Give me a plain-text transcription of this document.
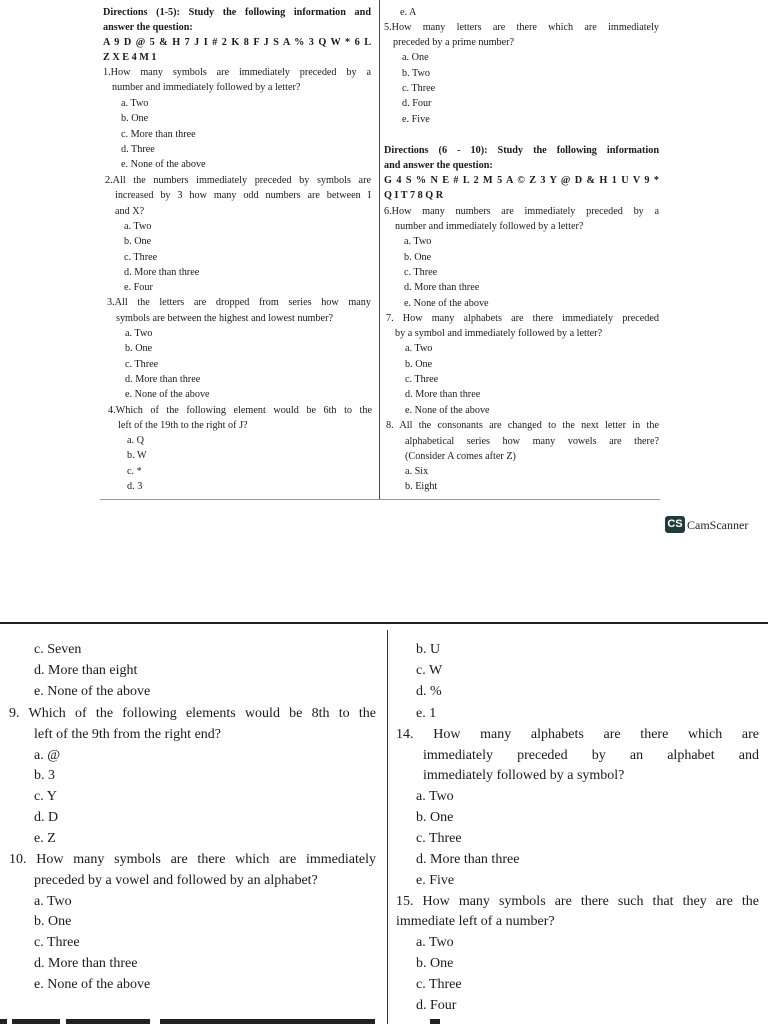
Directions (1-5): Study the following information and
answer the question:
A 9 D @ 5 & H 7 J I # 2 K 8 F J S A % 3 Q W * 6 L
Z X E 4 M 1
1.How many symbols are immediately preceded by a
number and immediately followed by a letter?
a. Two
b. One
c. More than three
d. Three
e. None of the above
2.All the numbers immediately preceded by symbols are
increased by 3 how many odd numbers are between I
and X?
a. Two
b. One
c. Three
d. More than three
e. Four
3.All the letters are dropped from series how many
symbols are between the highest and lowest number?
a. Two
b. One
c. Three
d. More than three
e. None of the above
4.Which of the following element would be 6th to the
left of the 19th to the right of J?
a. Q
b. W
c. *
d. 3
e. A
5.How many letters are there which are immediately
preceded by a prime number?
a. One
b. Two
c. Three
d. Four
e. Five
Directions (6 - 10): Study the following information
and answer the question:
G 4 S % N E # L 2 M 5 A © Z 3 Y @ D & H 1 U V 9 *
Q I T 7 8 Q R
6.How many numbers are immediately preceded by a
number and immediately followed by a letter?
a. Two
b. One
c. Three
d. More than three
e. None of the above
7. How many alphabets are there immediately preceded
by a symbol and immediately followed by a letter?
a. Two
b. One
c. Three
d. More than three
e. None of the above
8. All the consonants are changed to the next letter in the
alphabetical series how many vowels are there?
(Consider A comes after Z)
a. Six
b. Eight
CS CamScanner
c. Seven
d. More than eight
e. None of the above
9. Which of the following elements would be 8th to the
left of the 9th from the right end?
a. @
b. 3
c. Y
d. D
e. Z
10. How many symbols are there which are immediately
preceded by a vowel and followed by an alphabet?
a. Two
b. One
c. Three
d. More than three
e. None of the above
b. U
c. W
d. %
e. 1
14. How many alphabets are there which are
immediately preceded by an alphabet and
immediately followed by a symbol?
a. Two
b. One
c. Three
d. More than three
e. Five
15. How many symbols are there such that they are the
immediate left of a number?
a. Two
b. One
c. Three
d. Four
